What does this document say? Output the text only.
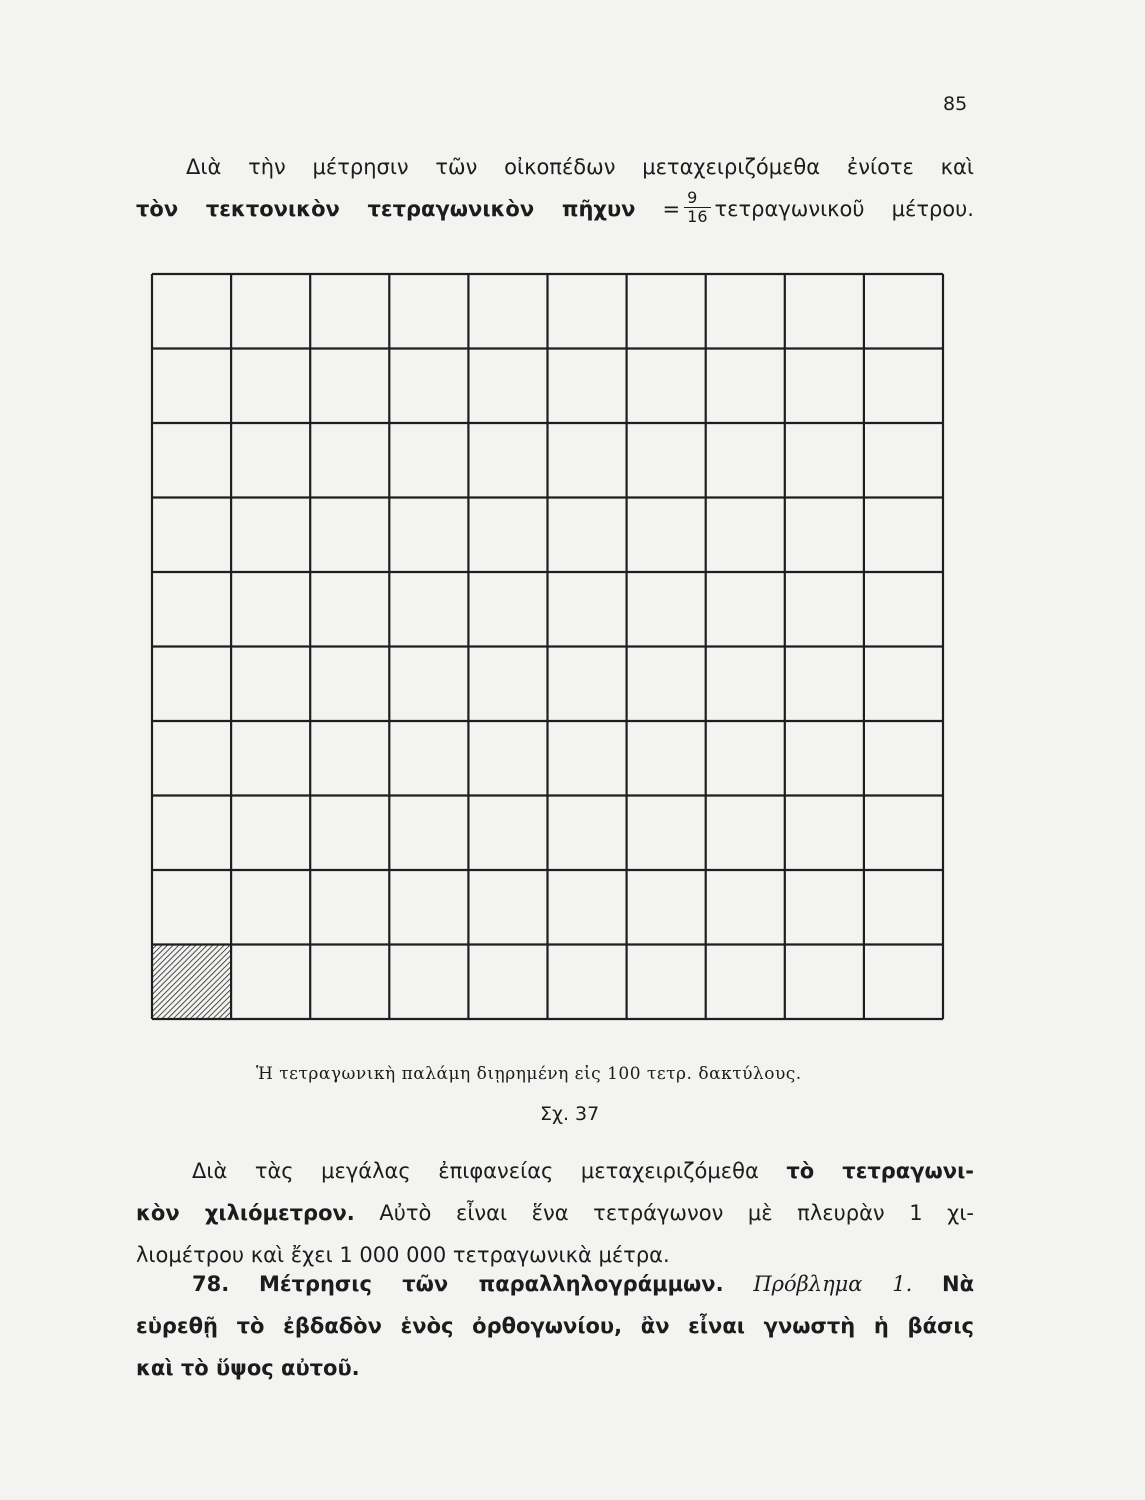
85
Διὰ τὴν μέτρησιν τῶν οἰκοπέδων μεταχειριζόμεθα ἐνίοτε καὶ
τὸν τεκτονικὸν τετραγωνικὸν πῆχυν = $\frac{9}{16}$ τετραγωνικοῦ μέτρου.
Ἡ τετραγωνικὴ παλάμη διῃρημένη εἰς 100 τετρ. δακτύλους.
Σχ. 37
Διὰ τὰς μεγάλας ἐπιφανείας μεταχειριζόμεθα τὸ τετραγωνι-
κὸν χιλιόμετρον. Αὐτὸ εἶναι ἕνα τετράγωνον μὲ πλευρὰν 1 χι-
λιομέτρου καὶ ἔχει 1 000 000 τετραγωνικὰ μέτρα.
78. Μέτρησις τῶν παραλληλογράμμων. Πρόβλημα 1. Νὰ
εὑρεθῇ τὸ ἐβδαδὸν ἑνὸς ὀρθογωνίου, ἂν εἶναι γνωστὴ ἡ βάσις
καὶ τὸ ὕψος αὐτοῦ.
